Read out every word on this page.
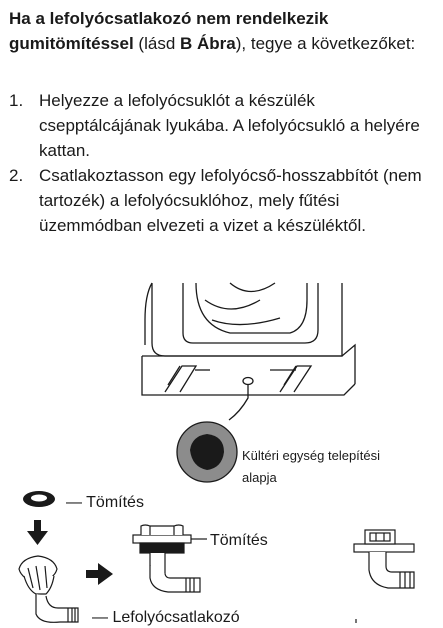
Ha a lefolyócsatlakozó nem rendelkezik gumitömítéssel (lásd B Ábra), tegye a következőket:
1. Helyezze a lefolyócsuklót a készülék csepptálcájának lyukába. A lefolyócsukló a helyére kattan.
2. Csatlakoztasson egy lefolyócső-hosszabbítót (nem tartozék) a lefolyócsuklóhoz, mely fűtési üzemmódban elvezeti a vizet a készüléktől.
Kültéri egység telepítési
alapja
— Tömítés
— Lefolyócsatlakozó
Tömítés
